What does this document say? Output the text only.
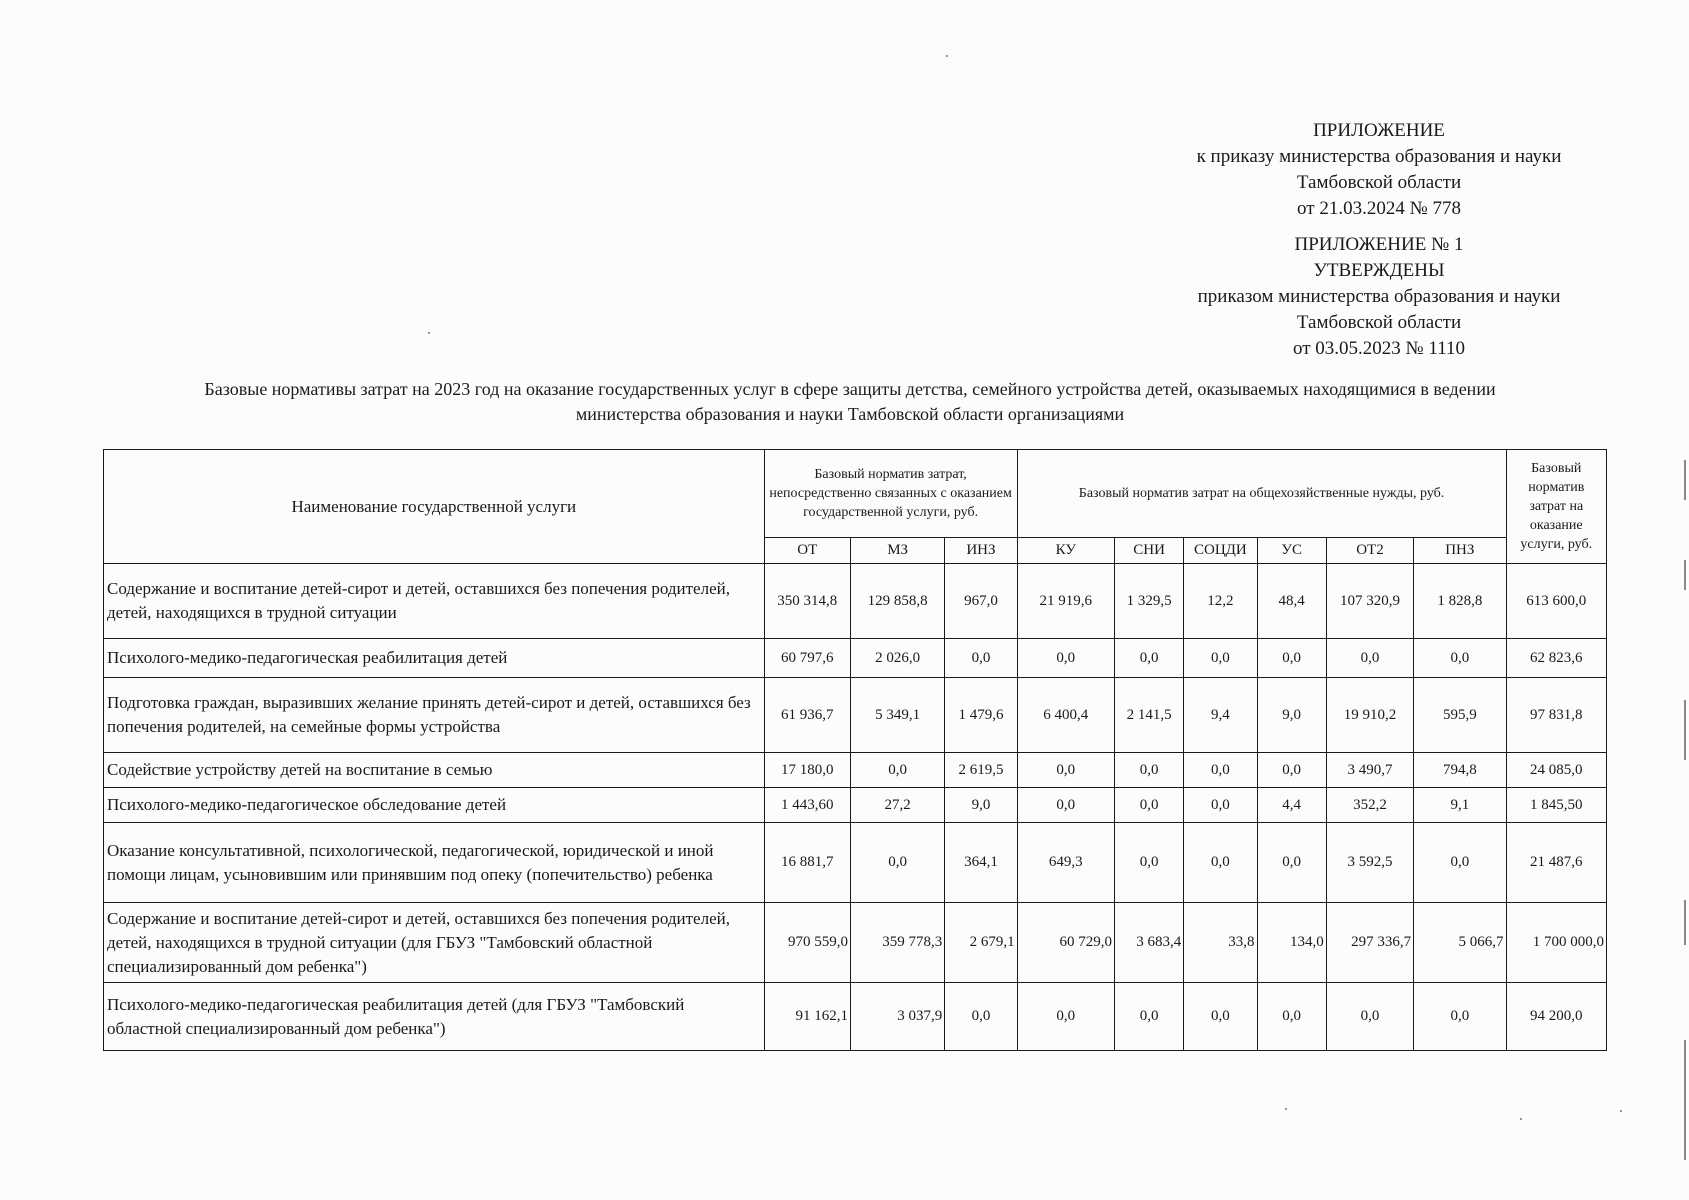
ПРИЛОЖЕНИЕ
к приказу министерства образования и науки
Тамбовской области
от 21.03.2024 № 778
ПРИЛОЖЕНИЕ № 1
УТВЕРЖДЕНЫ
приказом министерства образования и науки
Тамбовской области
от 03.05.2023 № 1110
Базовые нормативы затрат на 2023 год на оказание государственных услуг в сфере защиты детства, семейного устройства детей, оказываемых находящимися в ведении
министерства образования и науки Тамбовской области организациями
Наименование государственной услуги	Базовый норматив затрат, непосредственно связанных с оказанием государственной услуги, руб.			Базовый норматив затрат на общехозяйственные нужды, руб.						Базовый норматив затрат на оказание услуги, руб.
	ОТ	МЗ	ИНЗ	КУ	СНИ	СОЦДИ	УС	ОТ2	ПНЗ	
Содержание и воспитание детей-сирот и детей, оставшихся без попечения родителей, детей, находящихся в трудной ситуации	350 314,8	129 858,8	967,0	21 919,6	1 329,5	12,2	48,4	107 320,9	1 828,8	613 600,0
Психолого-медико-педагогическая реабилитация детей	60 797,6	2 026,0	0,0	0,0	0,0	0,0	0,0	0,0	0,0	62 823,6
Подготовка граждан, выразивших желание принять детей-сирот и детей, оставшихся без попечения родителей, на семейные формы устройства	61 936,7	5 349,1	1 479,6	6 400,4	2 141,5	9,4	9,0	19 910,2	595,9	97 831,8
Содействие устройству детей на воспитание в семью	17 180,0	0,0	2 619,5	0,0	0,0	0,0	0,0	3 490,7	794,8	24 085,0
Психолого-медико-педагогическое обследование детей	1 443,60	27,2	9,0	0,0	0,0	0,0	4,4	352,2	9,1	1 845,50
Оказание консультативной, психологической, педагогической, юридической и иной помощи лицам, усыновившим или принявшим под опеку (попечительство) ребенка	16 881,7	0,0	364,1	649,3	0,0	0,0	0,0	3 592,5	0,0	21 487,6
Содержание и воспитание детей-сирот и детей, оставшихся без попечения родителей, детей, находящихся в трудной ситуации (для ГБУЗ "Тамбовский областной специализированный дом ребенка")	970 559,0	359 778,3	2 679,1	60 729,0	3 683,4	33,8	134,0	297 336,7	5 066,7	1 700 000,0
Психолого-медико-педагогическая реабилитация детей (для ГБУЗ "Тамбовский областной специализированный дом ребенка")	91 162,1	3 037,9	0,0	0,0	0,0	0,0	0,0	0,0	0,0	94 200,0
